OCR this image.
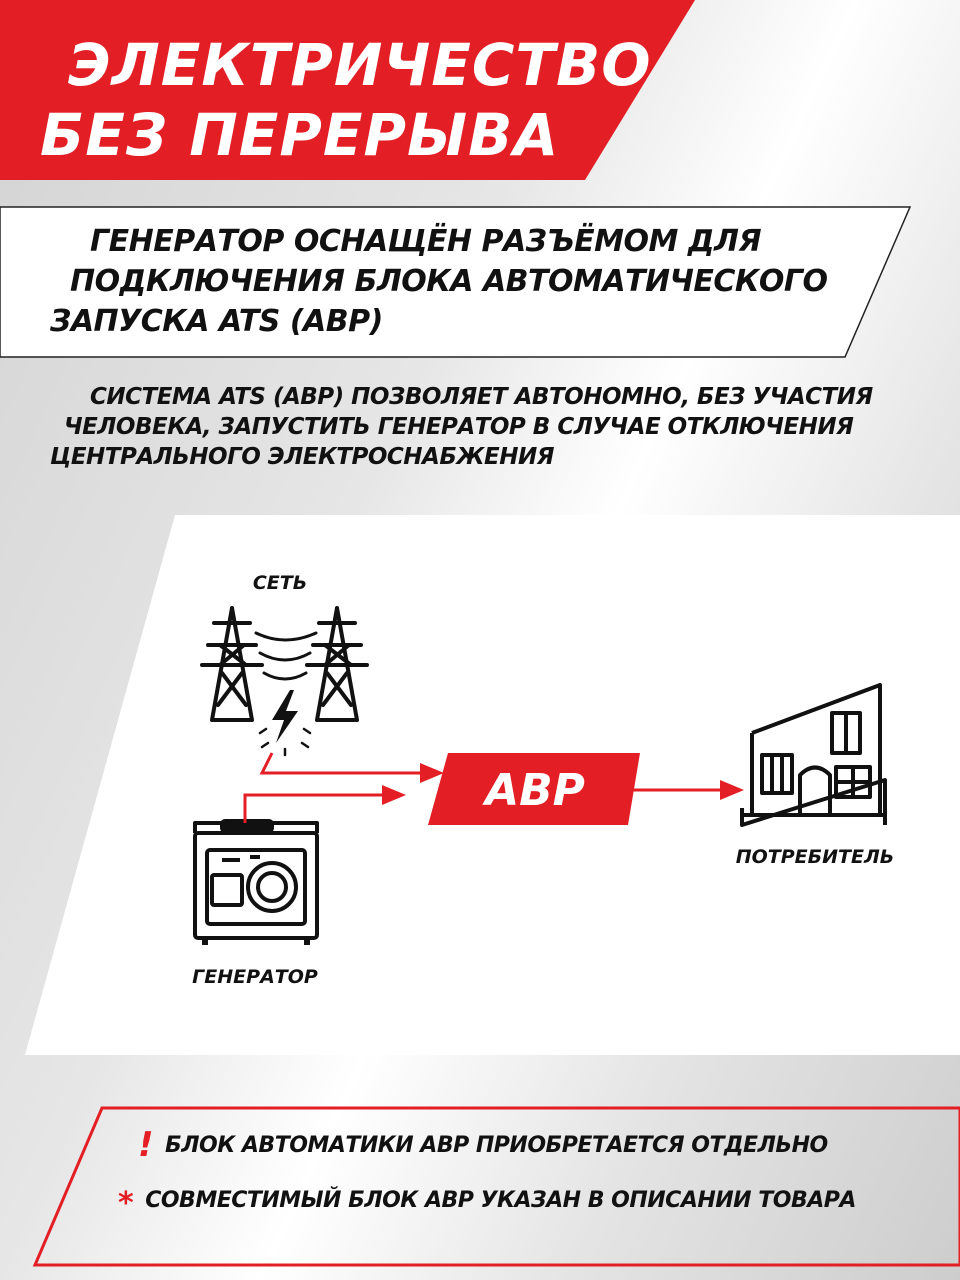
ЭЛЕКТРИЧЕСТВО
БЕЗ ПЕРЕРЫВА
ГЕНЕРАТОР ОСНАЩЁН РАЗЪЁМОМ ДЛЯ
ПОДКЛЮЧЕНИЯ БЛОКА АВТОМАТИЧЕСКОГО
ЗАПУСКА ATS (АВР)
СИСТЕМА ATS (АВР) ПОЗВОЛЯЕТ АВТОНОМНО, БЕЗ УЧАСТИЯ
ЧЕЛОВЕКА, ЗАПУСТИТЬ ГЕНЕРАТОР В СЛУЧАЕ ОТКЛЮЧЕНИЯ
ЦЕНТРАЛЬНОГО ЭЛЕКТРОСНАБЖЕНИЯ
СЕТЬ
ГЕНЕРАТОР
ПОТРЕБИТЕЛЬ
АВР
! БЛОК АВТОМАТИКИ АВР ПРИОБРЕТАЕТСЯ ОТДЕЛЬНО
* СОВМЕСТИМЫЙ БЛОК АВР УКАЗАН В ОПИСАНИИ ТОВАРА
